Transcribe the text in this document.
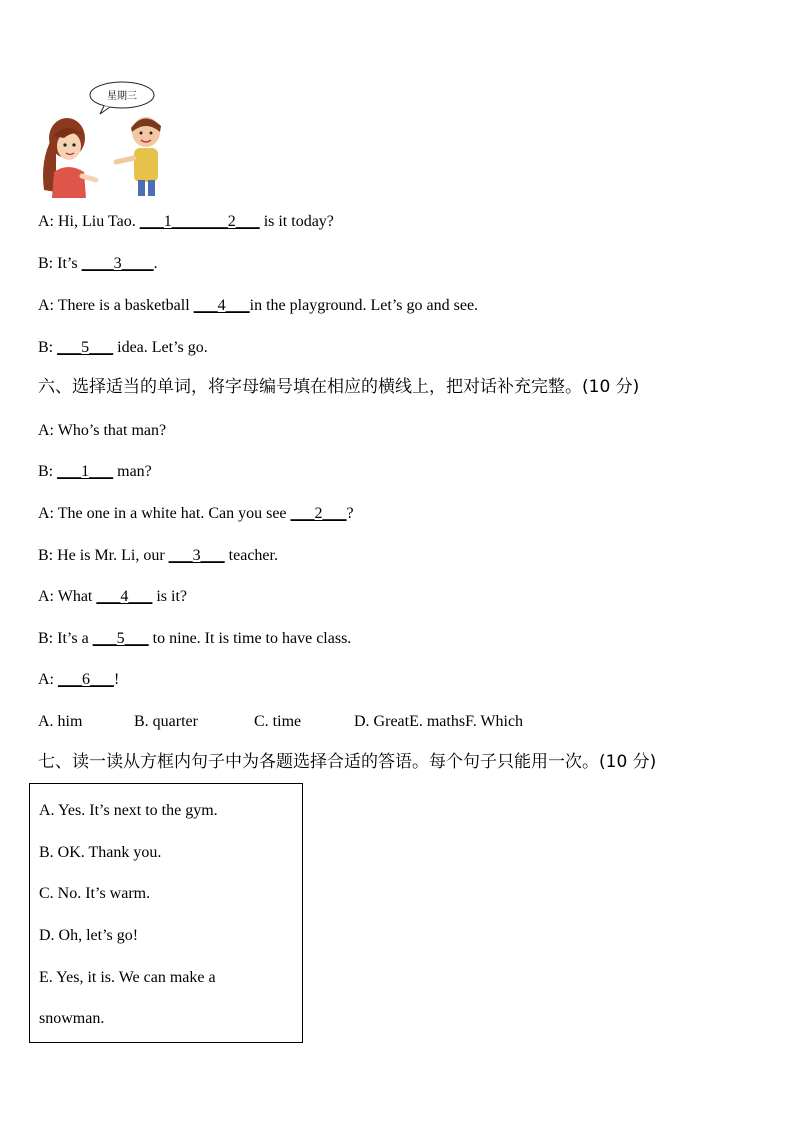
星期三
A: Hi, Liu Tao. ___1_______2___ is it today?
B: It’s ____3____.
A: There is a basketball ___4___in the playground. Let’s go and see.
B: ___5___ idea. Let’s go.
六、选择适当的单词，将字母编号填在相应的横线上，把对话补充完整。(10 分)
A: Who’s that man?
B: ___1___ man?
A: The one in a white hat. Can you see ___2___?
B: He is Mr. Li, our ___3___ teacher.
A: What ___4___ is it?
B: It’s a ___5___ to nine. It is time to have class.
A: ___6___!
A. him	B. quarter	C. time	D. GreatE. mathsF. Which
七、读一读从方框内句子中为各题选择合适的答语。每个句子只能用一次。(10 分)
A. Yes. It’s next to the gym.
B. OK. Thank you.
C. No. It’s warm.
D. Oh, let’s go!
E. Yes, it is. We can make a
snowman.
